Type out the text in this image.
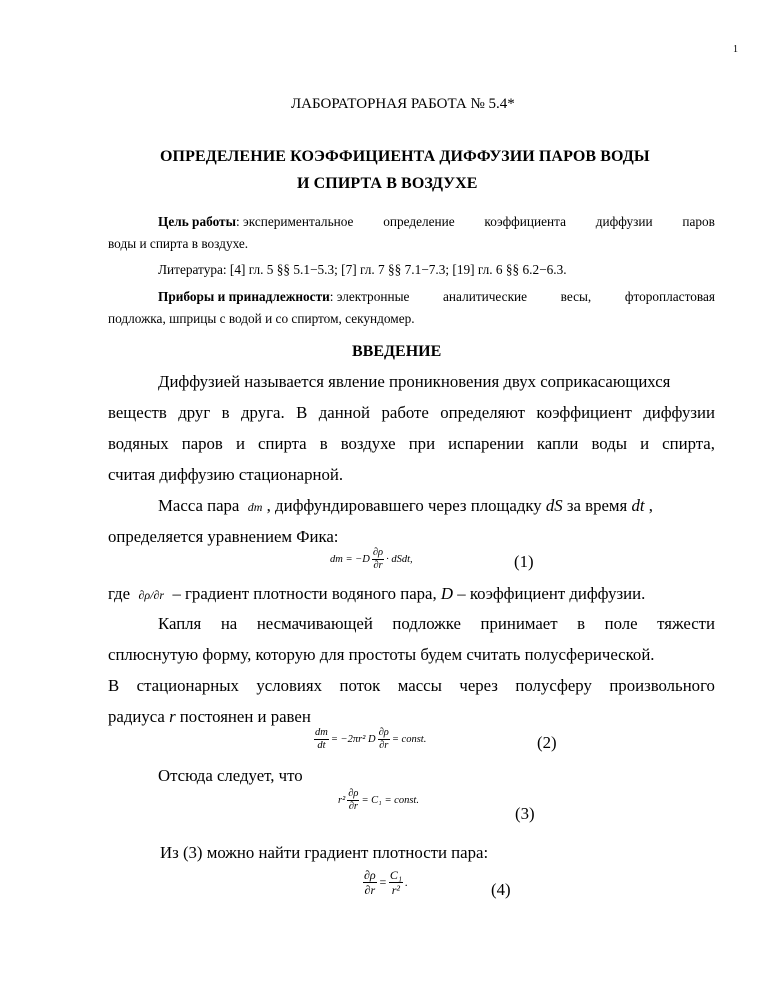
1
ЛАБОРАТОРНАЯ РАБОТА № 5.4*
ОПРЕДЕЛЕНИЕ КОЭФФИЦИЕНТА ДИФФУЗИИ ПАРОВ ВОДЫ
И СПИРТА В ВОЗДУХЕ
Цель работы: экспериментальное определение коэффициента диффузии паров
воды и спирта в воздухе.
Литература: [4] гл. 5 §§ 5.1−5.3; [7] гл. 7 §§ 7.1−7.3; [19] гл. 6 §§ 6.2−6.3.
Приборы и принадлежности: электронные	аналитические	весы,	фторопластовая
подложка, шприцы с водой и со спиртом, секундомер.
ВВЕДЕНИЕ
Диффузией называется явление проникновения двух соприкасающихся
веществ друг в друга. В данной работе определяют коэффициент диффузии
водяных паров и спирта в воздухе при испарении капли воды и спирта,
считая диффузию стационарной.
Масса пара dm , диффундировавшего через площадку dS за время dt ,
определяется уравнением Фика:
dm = $-D \frac{\partial\rho}{\partial r}$ · dSdt ,	(1)
где ∂ρ/∂r – градиент плотности водяного пара, D – коэффициент диффузии.
Капля на несмачивающей подложке принимает в поле тяжести
сплюснутую форму, которую для простоты будем считать полусферической.
В стационарных условиях поток массы через полусферу произвольного
радиуса r постоянен и равен
$\frac{dm}{dt} = -2\pi r^2$ D $\frac{\partial\rho}{\partial r}$ = const .	(2)
Отсюда следует, что
$r^2 \frac{\partial\rho}{\partial r} = C_1$ = const .
(3)
Из (3) можно найти градиент плотности пара:
$\frac{\partial\rho}{\partial r} = \frac{\text{C₁}}{\text{r²}}$ .	(4)
